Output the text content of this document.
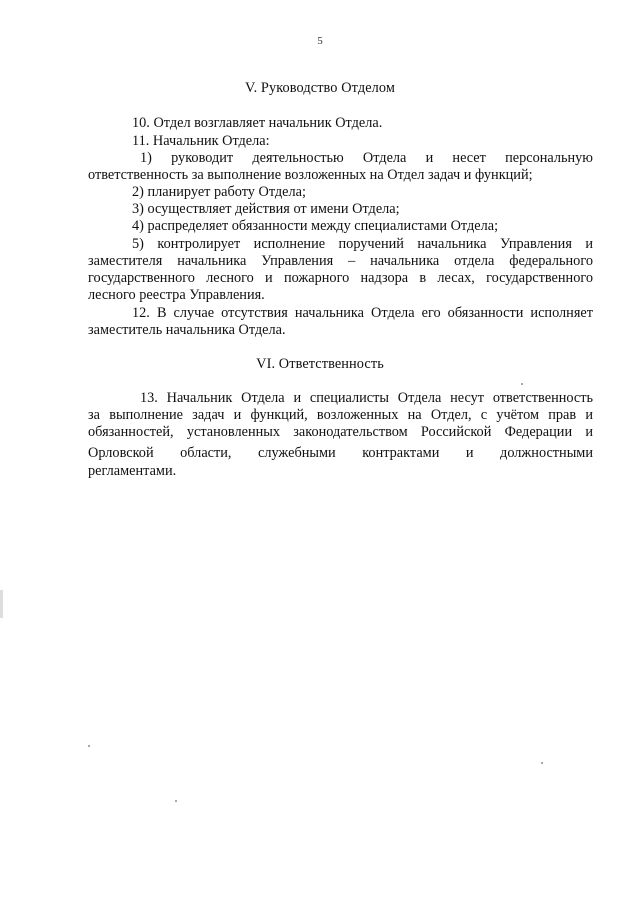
5
V. Руководство Отделом
10. Отдел возглавляет начальник Отдела.
11. Начальник Отдела:
1) руководит деятельностью Отдела и несет персональную
ответственность за выполнение возложенных на Отдел задач и функций;
2) планирует работу Отдела;
3) осуществляет действия от имени Отдела;
4) распределяет обязанности между специалистами Отдела;
5) контролирует исполнение поручений начальника Управления и
заместителя начальника Управления – начальника отдела федерального
государственного лесного и пожарного надзора в лесах, государственного
лесного реестра Управления.
12. В случае отсутствия начальника Отдела его обязанности исполняет
заместитель начальника Отдела.
VI. Ответственность
13. Начальник Отдела и специалисты Отдела несут ответственность
за выполнение задач и функций, возложенных на Отдел, с учётом прав и
обязанностей, установленных законодательством Российской Федерации и
Орловской       области,       служебными       контрактами       и       должностными
регламентами.
